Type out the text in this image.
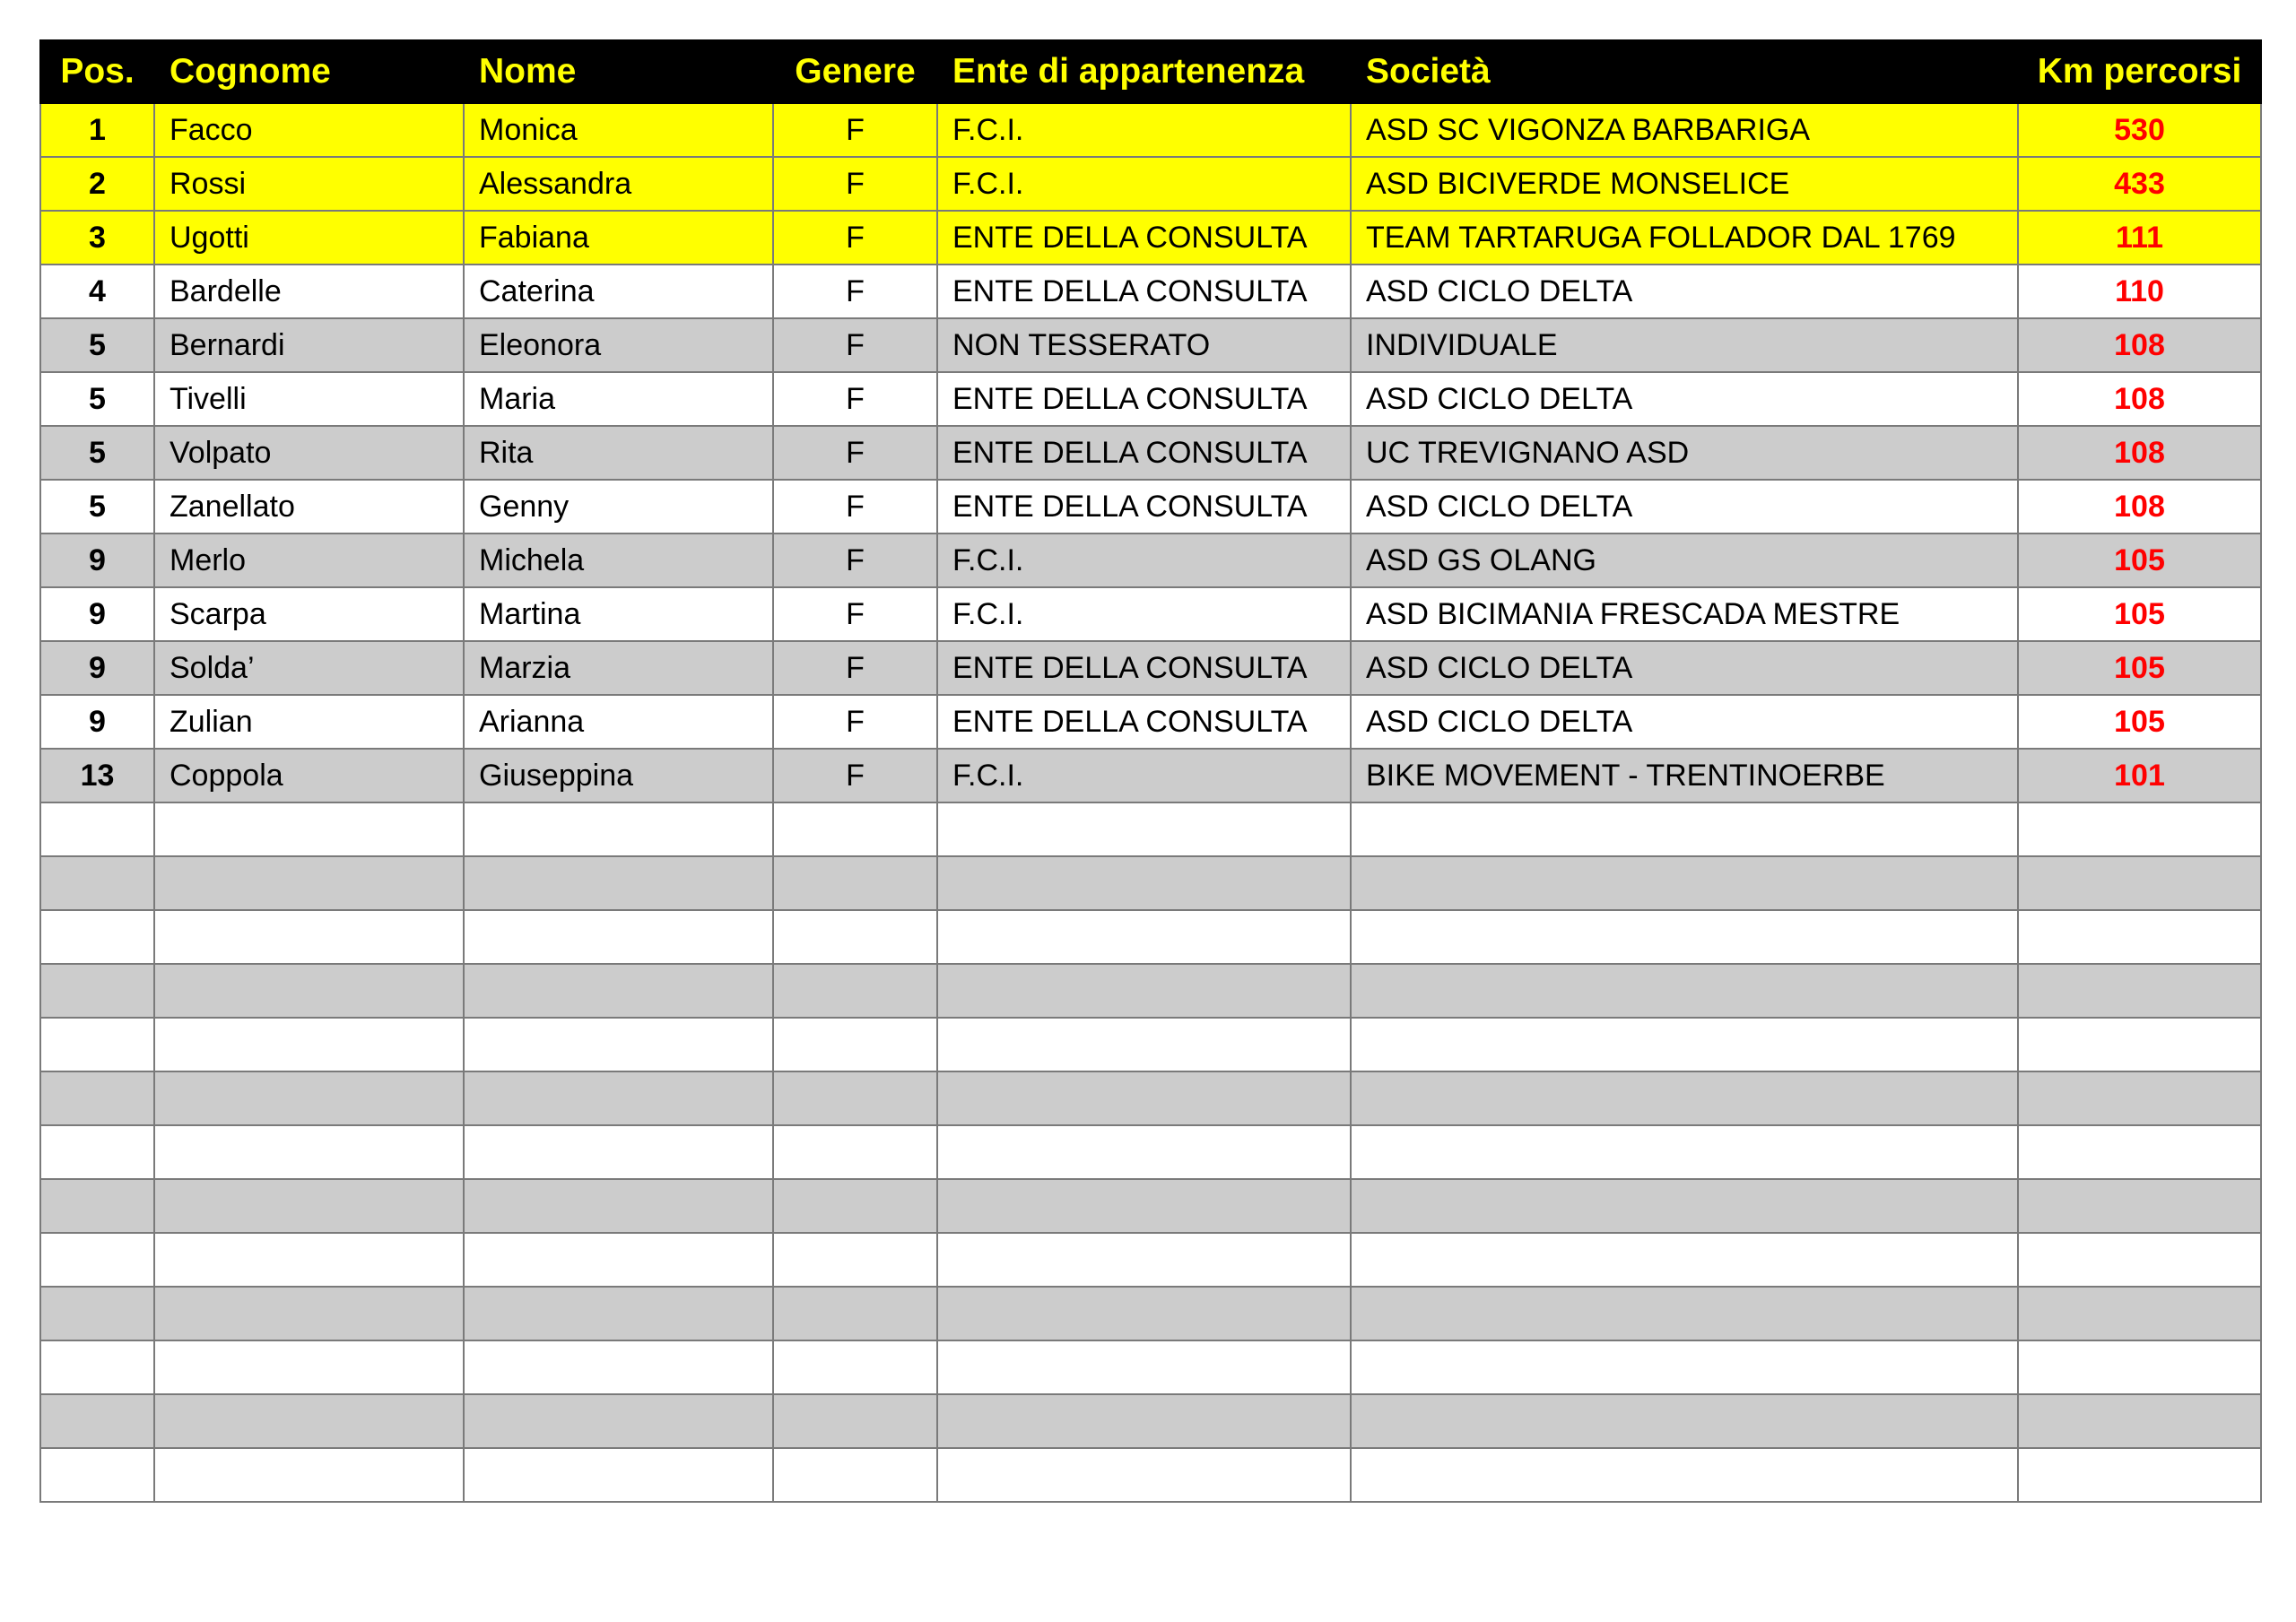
Pos.	Cognome	Nome	Genere	Ente di appartenenza	Società	Km percorsi
1	Facco	Monica	F	F.C.I.	ASD SC VIGONZA BARBARIGA	530
2	Rossi	Alessandra	F	F.C.I.	ASD BICIVERDE MONSELICE	433
3	Ugotti	Fabiana	F	ENTE DELLA CONSULTA	TEAM TARTARUGA FOLLADOR DAL 1769	111
4	Bardelle	Caterina	F	ENTE DELLA CONSULTA	ASD CICLO DELTA	110
5	Bernardi	Eleonora	F	NON TESSERATO	INDIVIDUALE	108
5	Tivelli	Maria	F	ENTE DELLA CONSULTA	ASD CICLO DELTA	108
5	Volpato	Rita	F	ENTE DELLA CONSULTA	UC TREVIGNANO ASD	108
5	Zanellato	Genny	F	ENTE DELLA CONSULTA	ASD CICLO DELTA	108
9	Merlo	Michela	F	F.C.I.	ASD GS OLANG	105
9	Scarpa	Martina	F	F.C.I.	ASD BICIMANIA FRESCADA MESTRE	105
9	Solda’	Marzia	F	ENTE DELLA CONSULTA	ASD CICLO DELTA	105
9	Zulian	Arianna	F	ENTE DELLA CONSULTA	ASD CICLO DELTA	105
13	Coppola	Giuseppina	F	F.C.I.	BIKE MOVEMENT - TRENTINOERBE	101
